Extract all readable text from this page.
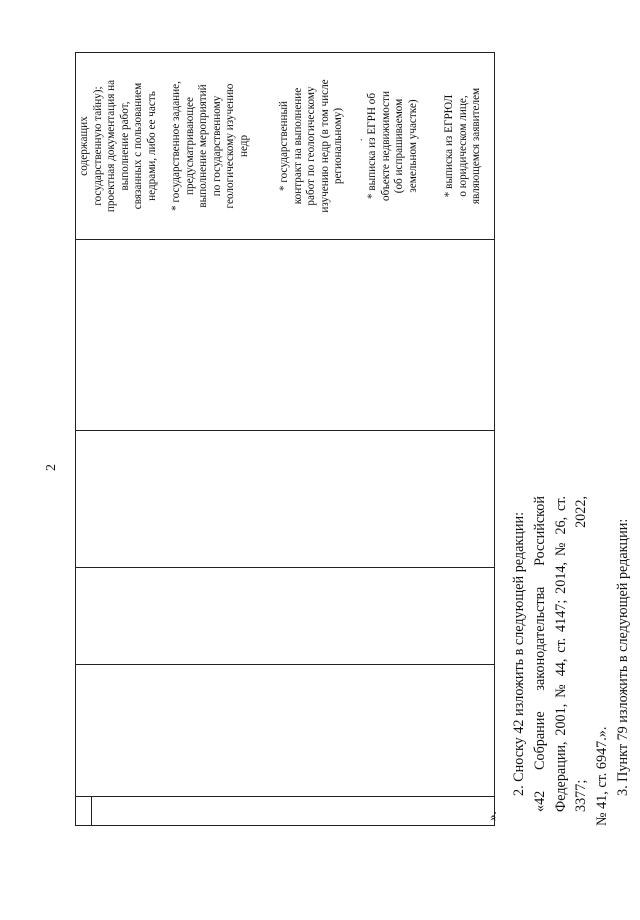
2
содержащих государственную тайну); проектная документация на выполнение работ, связанных с пользованием недрами, либо ее часть * государственное задание, предусматривающее выполнение мероприятий по государственному геологическому изучению недр	* государственный контракт на выполнение работ по геологическому изучению недр (в том числе региональному) . * выписка из ЕГРН об объекте недвижимости (об испрашиваемом земельном участке) * выписка из ЕГРЮЛ о юридическом лице, являющемся заявителем
».

2. Сноску 42 изложить в следующей редакции: «42 Собрание законодательства Российской Федерации, 2001, № 44, ст. 4147; 2014, № 26, ст. 3377; 2022, № 41, ст. 6947.». 3. Пункт 79 изложить в следующей редакции:
